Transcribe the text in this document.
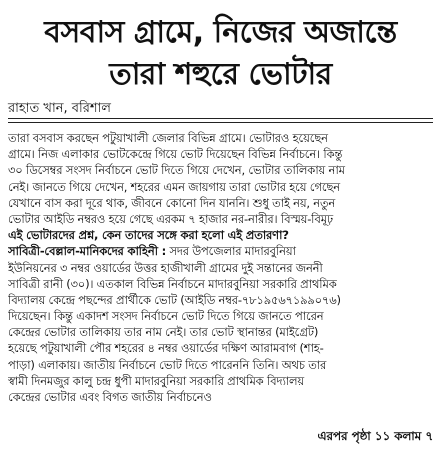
বসবাস গ্রামে, নিজের অজান্তে
তারা শহুরে ভোটার
রাহাত খান, বরিশাল
তারা বসবাস করছেন পটুয়াখালী জেলার বিভিন্ন গ্রামে। ভোটারও হয়েছেন
গ্রামে। নিজ এলাকার ভোটকেন্দ্রে গিয়ে ভোট দিয়েছেন বিভিন্ন নির্বাচনে। কিন্তু
৩০ ডিসেম্বর সংসদ নির্বাচনে ভোট দিতে গিয়ে দেখেন, ভোটার তালিকায় নাম
নেই। জানতে গিয়ে দেখেন, শহরের এমন জায়গায় তারা ভোটার হয়ে গেছেন
যেখানে বাস করা দূরে থাক, জীবনে কোনো দিন যাননি। শুধু তাই নয়, নতুন
ভোটার আইডি নম্বরও হয়ে গেছে এরকম ৭ হাজার নর-নারীর। বিস্ময়-বিমূঢ়
এই ভোটারদের প্রশ্ন, কেন তাদের সঙ্গে করা হলো এই প্রতারণা?
সাবিত্রী-বেল্লাল-মানিকদের কাহিনী : সদর উপজেলার মাদারবুনিয়া
ইউনিয়নের ৩ নম্বর ওয়ার্ডের উত্তর হাজীখালী গ্রামের দুই সন্তানের জননী
সাবিত্রী রানী (৩০)। এতকাল বিভিন্ন নির্বাচনে মাদারবুনিয়া সরকারি প্রাথমিক
বিদ্যালয় কেন্দ্রে পছন্দের প্রার্থীকে ভোট (আইডি নম্বর-৭৮১৯৫৬৭১৯৯০৭৬)
দিয়েছেন। কিন্তু একাদশ সংসদ নির্বাচনে ভোট দিতে গিয়ে জানতে পারেন
কেন্দ্রের ভোটার তালিকায় তার নাম নেই। তার ভোট স্থানান্তর (মাইগ্রেট)
হয়েছে পটুয়াখালী পৌর শহরের ৪ নম্বর ওয়ার্ডের দক্ষিণ আরামবাগ (শাহ-
পাড়া) এলাকায়। জাতীয় নির্বাচনে ভোট দিতে পারেননি তিনি। অথচ তার
স্বামী দিনমজুর কালু চন্দ্র ধুপী মাদারবুনিয়া সরকারি প্রাথমিক বিদ্যালয়
কেন্দ্রের ভোটার এবং বিগত জাতীয় নির্বাচনেও
এরপর পৃষ্ঠা ১১ কলাম ৭
